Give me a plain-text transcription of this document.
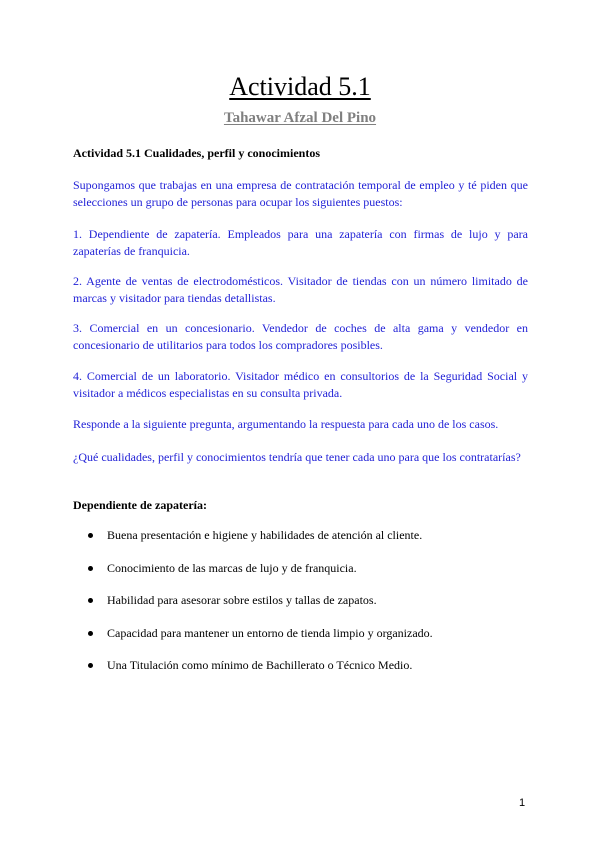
Actividad 5.1
Tahawar Afzal Del Pino
Actividad 5.1 Cualidades, perfil y conocimientos

Supongamos que trabajas en una empresa de contratación temporal de empleo y té piden que selecciones un grupo de personas para ocupar los siguientes puestos:

1. Dependiente de zapatería. Empleados para una zapatería con firmas de lujo y para zapaterías de franquicia.

2. Agente de ventas de electrodomésticos. Visitador de tiendas con un número limitado de marcas y visitador para tiendas detallistas.

3. Comercial en un concesionario. Vendedor de coches de alta gama y vendedor en concesionario de utilitarios para todos los compradores posibles.

4. Comercial de un laboratorio. Visitador médico en consultorios de la Seguridad Social y visitador a médicos especialistas en su consulta privada.

Responde a la siguiente pregunta, argumentando la respuesta para cada uno de los casos.

¿Qué cualidades, perfil y conocimientos tendría que tener cada uno para que los contratarías?

Dependiente de zapatería:
Buena presentación e higiene y habilidades de atención al cliente.
Conocimiento de las marcas de lujo y de franquicia.
Habilidad para asesorar sobre estilos y tallas de zapatos.
Capacidad para mantener un entorno de tienda limpio y organizado.
Una Titulación como mínimo de Bachillerato o Técnico Medio.
1
